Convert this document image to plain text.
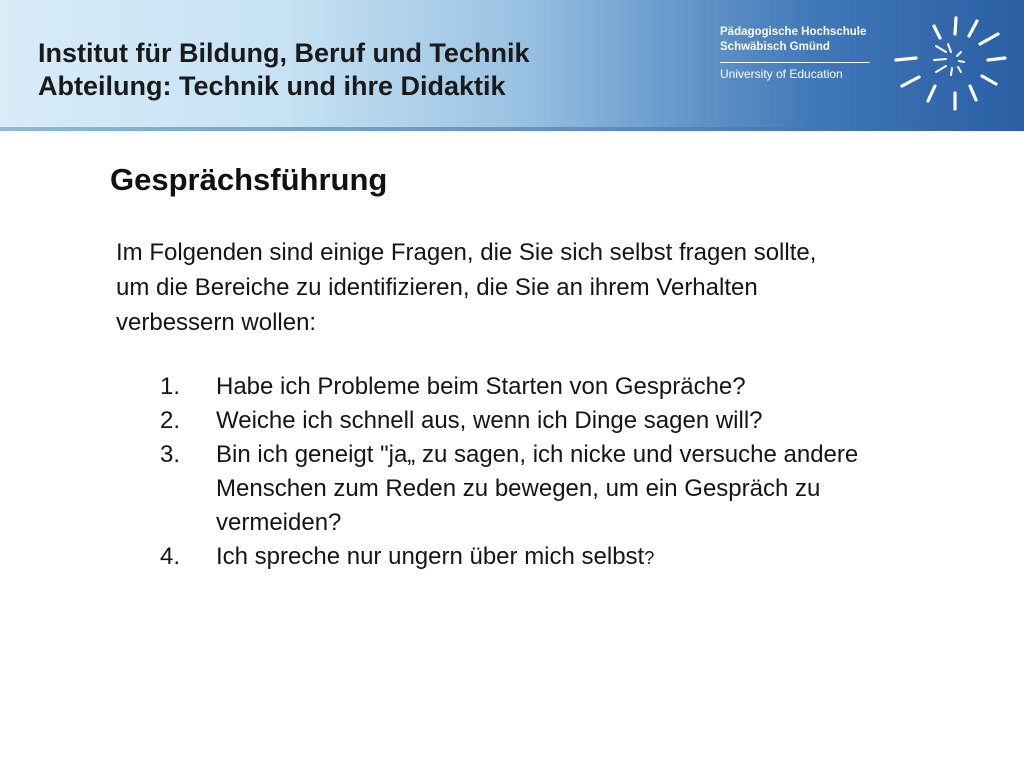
Institut für Bildung, Beruf und Technik
Abteilung: Technik und ihre Didaktik
Pädagogische Hochschule
Schwäbisch Gmünd
University of Education
Gesprächsführung
Im Folgenden sind einige Fragen, die Sie sich selbst fragen sollte, um die Bereiche zu identifizieren, die Sie an ihrem Verhalten verbessern wollen:
1.	Habe ich Probleme beim Starten von Gespräche?
2.	Weiche ich schnell aus, wenn ich Dinge sagen will?
3.	Bin ich geneigt "ja„ zu sagen, ich nicke und versuche andere Menschen zum Reden zu bewegen, um ein Gespräch zu vermeiden?
4.	Ich spreche nur ungern über mich selbst?
